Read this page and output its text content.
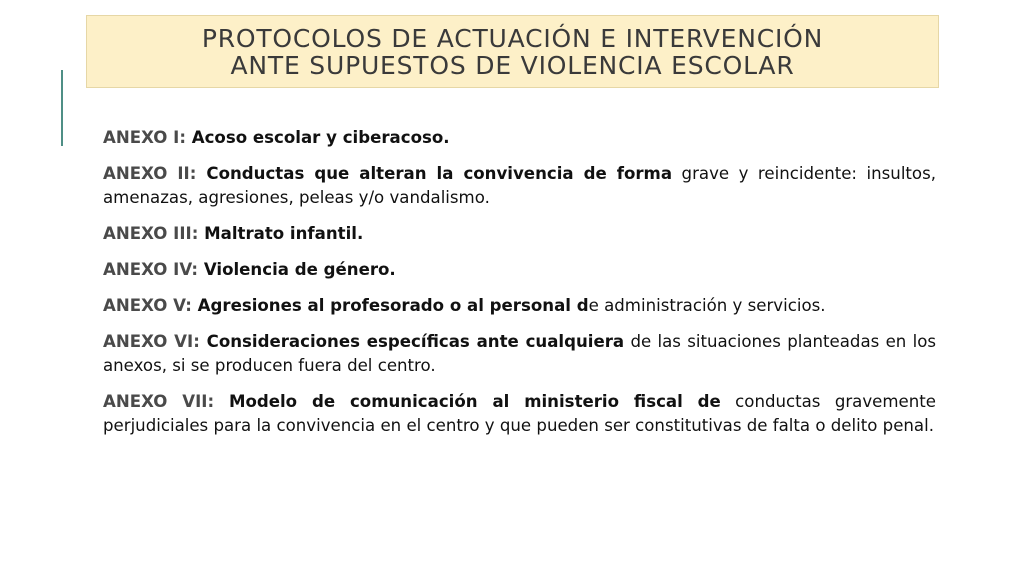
PROTOCOLOS DE ACTUACIÓN E INTERVENCIÓN
ANTE SUPUESTOS DE VIOLENCIA ESCOLAR

ANEXO I: Acoso escolar y ciberacoso.

ANEXO II: Conductas que alteran la convivencia de forma grave y reincidente: insultos, amenazas, agresiones, peleas y/o vandalismo.

ANEXO III: Maltrato infantil.

ANEXO IV: Violencia de género.

ANEXO V: Agresiones al profesorado o al personal de administración y servicios.

ANEXO VI: Consideraciones específicas ante cualquiera de las situaciones planteadas en los anexos, si se producen fuera del centro.

ANEXO VII: Modelo de comunicación al ministerio fiscal de conductas gravemente perjudiciales para la convivencia en el centro y que pueden ser constitutivas de falta o delito penal.
